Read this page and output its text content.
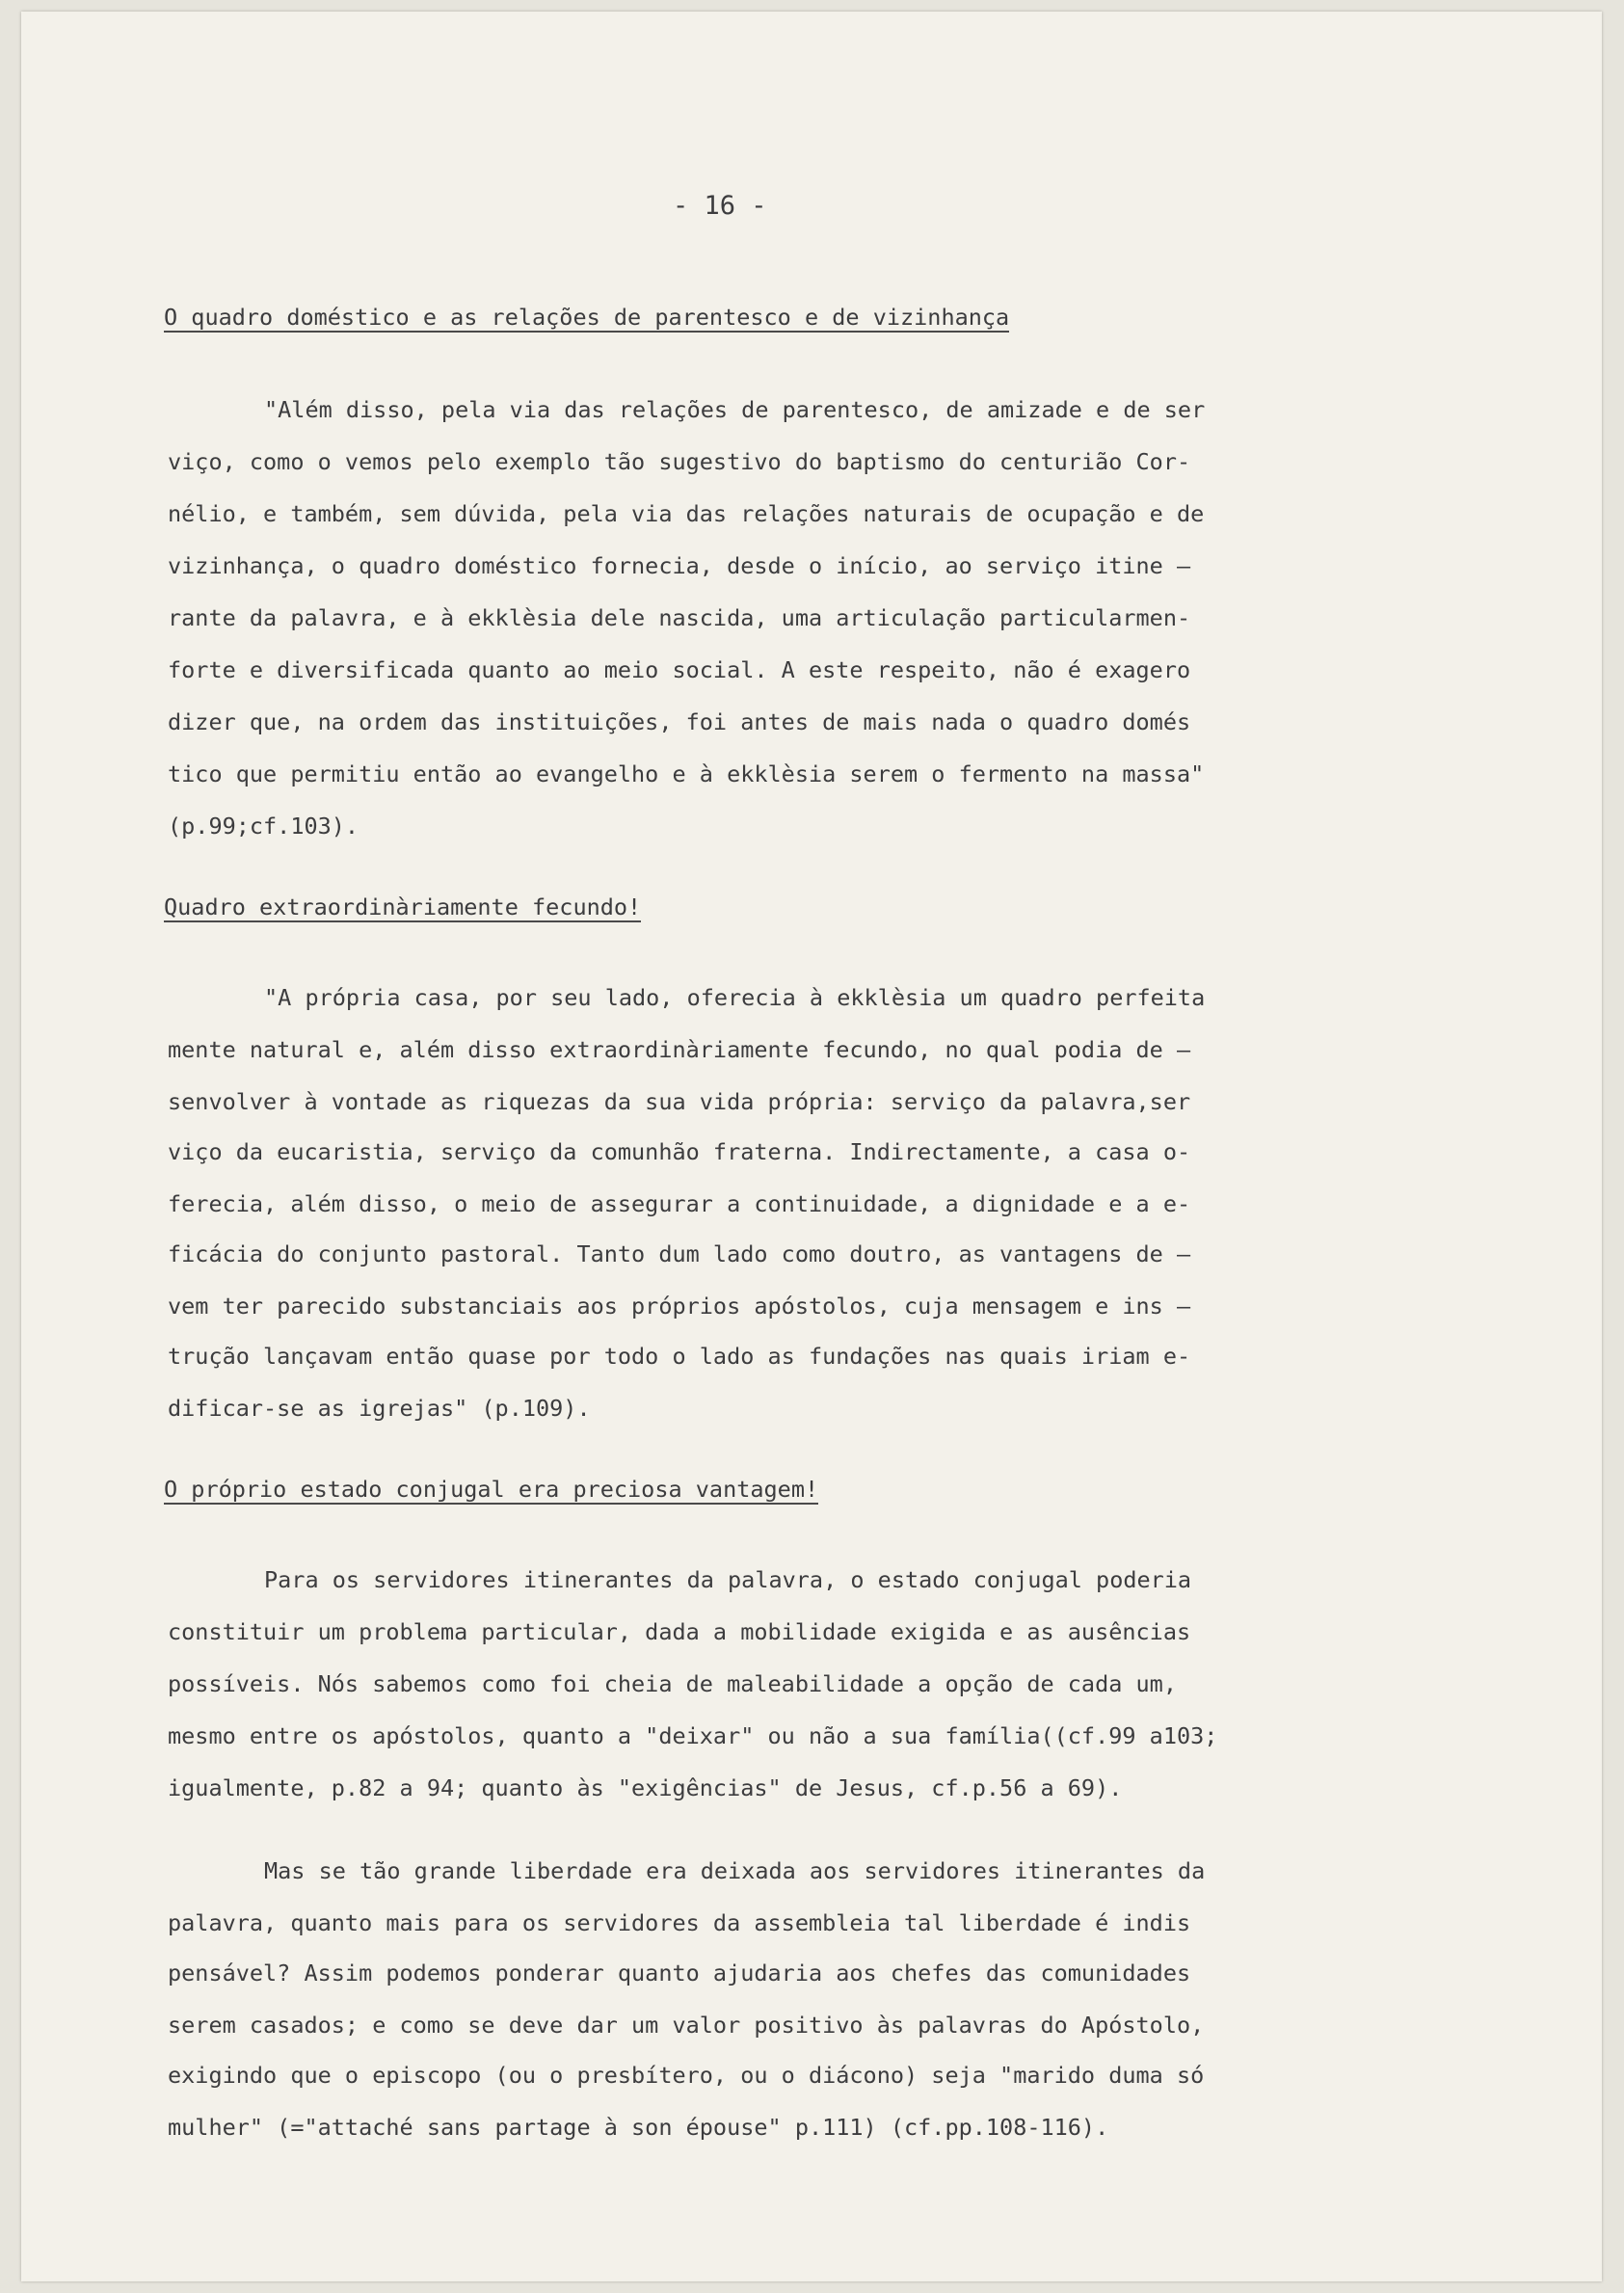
- 16 -
O quadro doméstico e as relações de parentesco e de vizinhança
"Além disso, pela via das relações de parentesco, de amizade e de ser
viço, como o vemos pelo exemplo tão sugestivo do baptismo do centurião Cor-
nélio, e também, sem dúvida, pela via das relações naturais de ocupação e de
vizinhança, o quadro doméstico fornecia, desde o início, ao serviço itine —
rante da palavra, e à ekklèsia dele nascida, uma articulação particularmen-
forte e diversificada quanto ao meio social. A este respeito, não é exagero
dizer que, na ordem das instituições, foi antes de mais nada o quadro domés
tico que permitiu então ao evangelho e à ekklèsia serem o fermento na massa"
(p.99;cf.103).
Quadro extraordinàriamente fecundo!
"A própria casa, por seu lado, oferecia à ekklèsia um quadro perfeita
mente natural e, além disso extraordinàriamente fecundo, no qual podia de —
senvolver à vontade as riquezas da sua vida própria: serviço da palavra,ser
viço da eucaristia, serviço da comunhão fraterna. Indirectamente, a casa o-
ferecia, além disso, o meio de assegurar a continuidade, a dignidade e a e-
ficácia do conjunto pastoral. Tanto dum lado como doutro, as vantagens de —
vem ter parecido substanciais aos próprios apóstolos, cuja mensagem e ins —
trução lançavam então quase por todo o lado as fundações nas quais iriam e-
dificar-se as igrejas" (p.109).
O próprio estado conjugal era preciosa vantagem!
Para os servidores itinerantes da palavra, o estado conjugal poderia
constituir um problema particular, dada a mobilidade exigida e as ausências
possíveis. Nós sabemos como foi cheia de maleabilidade a opção de cada um,
mesmo entre os apóstolos, quanto a "deixar" ou não a sua família((cf.99 a103;
igualmente, p.82 a 94; quanto às "exigências" de Jesus, cf.p.56 a 69).
Mas se tão grande liberdade era deixada aos servidores itinerantes da
palavra, quanto mais para os servidores da assembleia tal liberdade é indis
pensável? Assim podemos ponderar quanto ajudaria aos chefes das comunidades
serem casados; e como se deve dar um valor positivo às palavras do Apóstolo,
exigindo que o episcopo (ou o presbítero, ou o diácono) seja "marido duma só
mulher" (="attaché sans partage à son épouse" p.111) (cf.pp.108-116).
